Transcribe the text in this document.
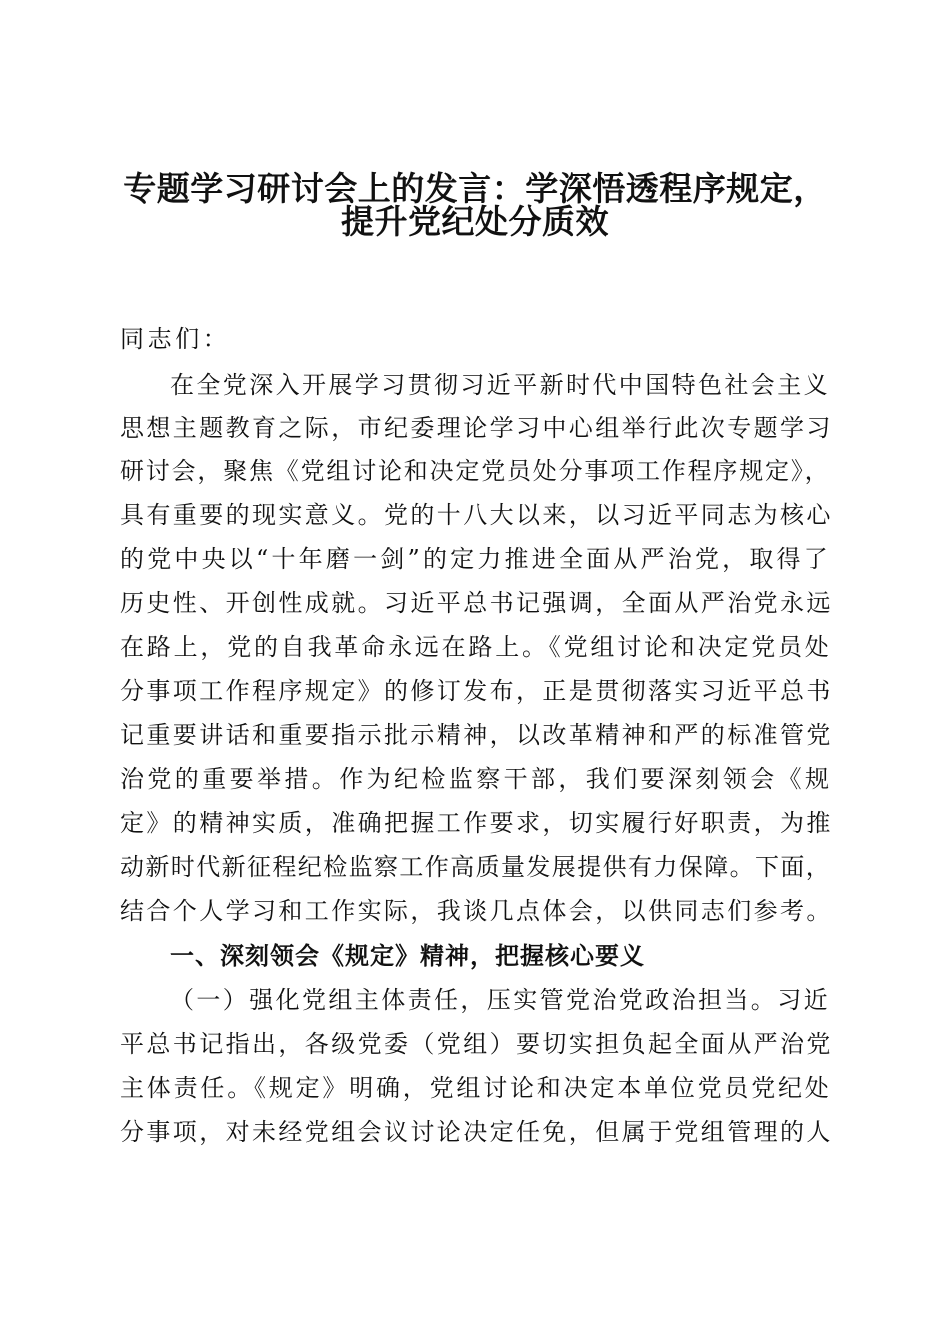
专题学习研讨会上的发言：学深悟透程序规定，
提升党纪处分质效
同志们：
在全党深入开展学习贯彻习近平新时代中国特色社会主义
思想主题教育之际，市纪委理论学习中心组举行此次专题学习
研讨会，聚焦《党组讨论和决定党员处分事项工作程序规定》，
具有重要的现实意义。党的十八大以来，以习近平同志为核心
的党中央以“十年磨一剑”的定力推进全面从严治党，取得了
历史性、开创性成就。习近平总书记强调，全面从严治党永远
在路上，党的自我革命永远在路上。《党组讨论和决定党员处
分事项工作程序规定》的修订发布，正是贯彻落实习近平总书
记重要讲话和重要指示批示精神，以改革精神和严的标准管党
治党的重要举措。作为纪检监察干部，我们要深刻领会《规
定》的精神实质，准确把握工作要求，切实履行好职责，为推
动新时代新征程纪检监察工作高质量发展提供有力保障。下面，
结合个人学习和工作实际，我谈几点体会，以供同志们参考。
一、深刻领会《规定》精神，把握核心要义
（一）强化党组主体责任，压实管党治党政治担当。习近
平总书记指出，各级党委（党组）要切实担负起全面从严治党
主体责任。《规定》明确，党组讨论和决定本单位党员党纪处
分事项，对未经党组会议讨论决定任免，但属于党组管理的人
